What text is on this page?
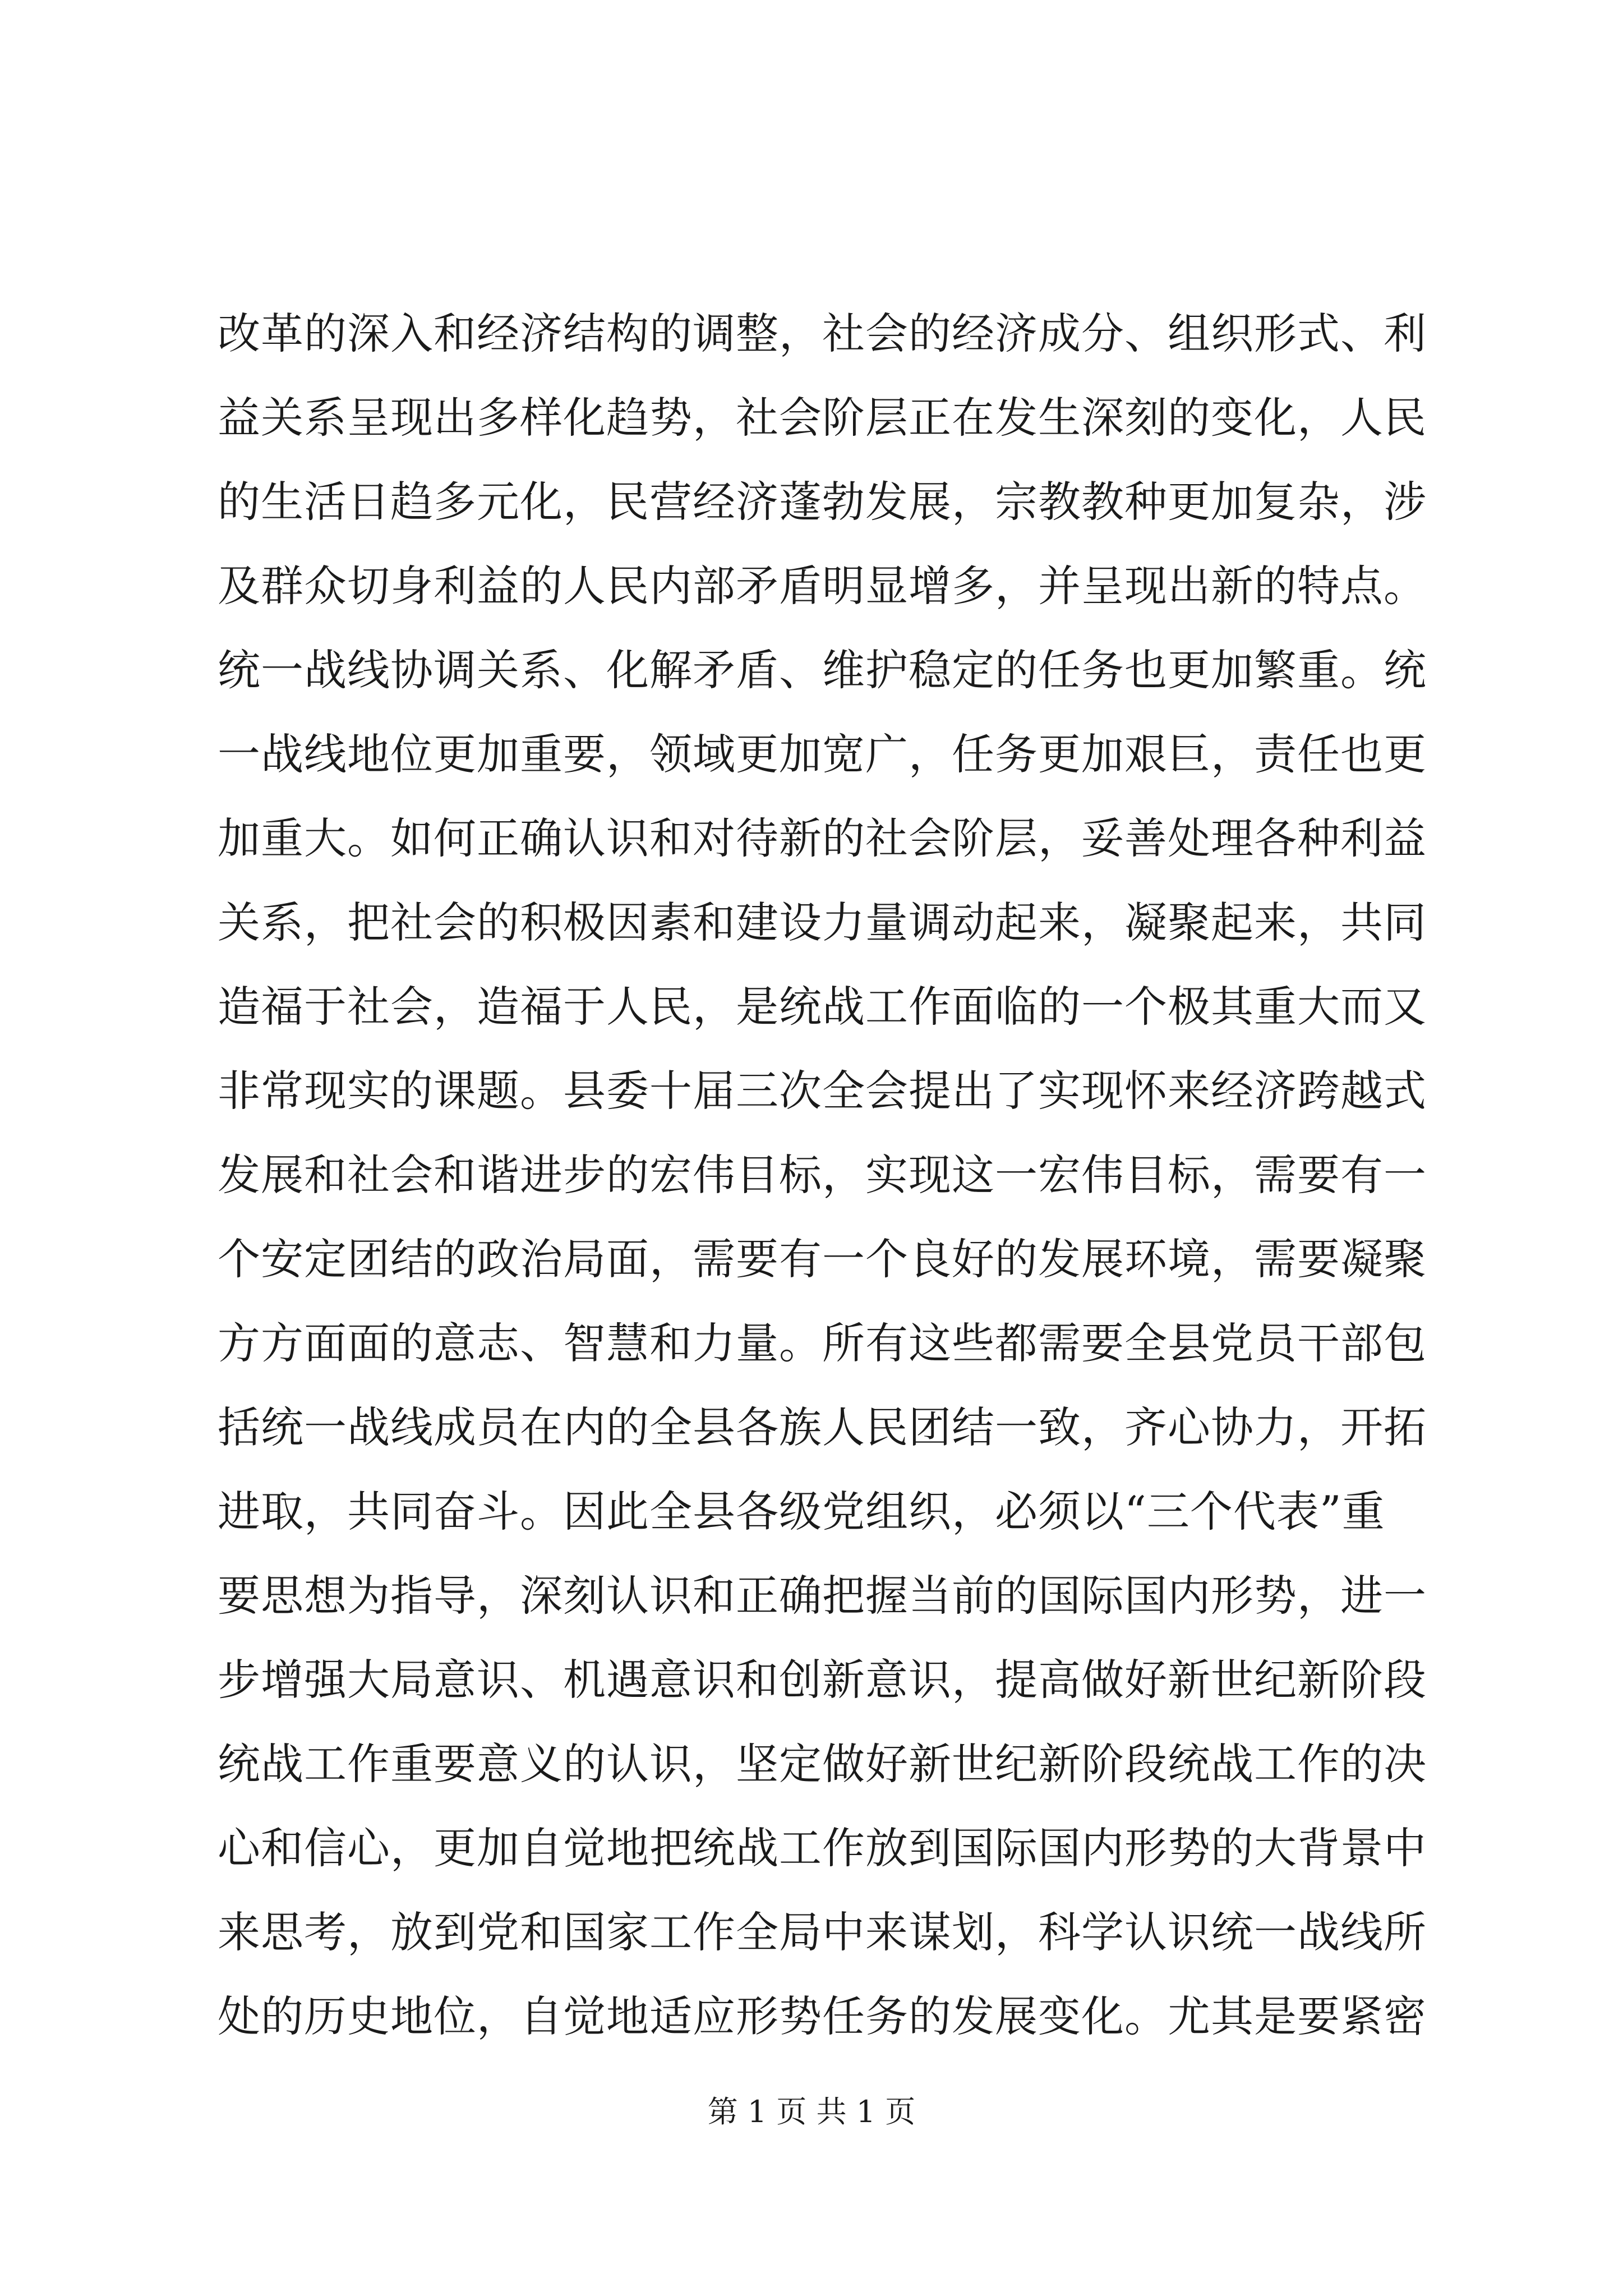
改革的深入和经济结构的调整，社会的经济成分、组织形式、利
益关系呈现出多样化趋势，社会阶层正在发生深刻的变化，人民
的生活日趋多元化，民营经济蓬勃发展，宗教教种更加复杂，涉
及群众切身利益的人民内部矛盾明显增多，并呈现出新的特点。
统一战线协调关系、化解矛盾、维护稳定的任务也更加繁重。统
一战线地位更加重要，领域更加宽广，任务更加艰巨，责任也更
加重大。如何正确认识和对待新的社会阶层，妥善处理各种利益
关系，把社会的积极因素和建设力量调动起来，凝聚起来，共同
造福于社会，造福于人民，是统战工作面临的一个极其重大而又
非常现实的课题。县委十届三次全会提出了实现怀来经济跨越式
发展和社会和谐进步的宏伟目标，实现这一宏伟目标，需要有一
个安定团结的政治局面，需要有一个良好的发展环境，需要凝聚
方方面面的意志、智慧和力量。所有这些都需要全县党员干部包
括统一战线成员在内的全县各族人民团结一致，齐心协力，开拓
进取，共同奋斗。因此全县各级党组织，必须以“三个代表”重
要思想为指导，深刻认识和正确把握当前的国际国内形势，进一
步增强大局意识、机遇意识和创新意识，提高做好新世纪新阶段
统战工作重要意义的认识，坚定做好新世纪新阶段统战工作的决
心和信心，更加自觉地把统战工作放到国际国内形势的大背景中
来思考，放到党和国家工作全局中来谋划，科学认识统一战线所
处的历史地位，自觉地适应形势任务的发展变化。尤其是要紧密
第 1 页 共 1 页
